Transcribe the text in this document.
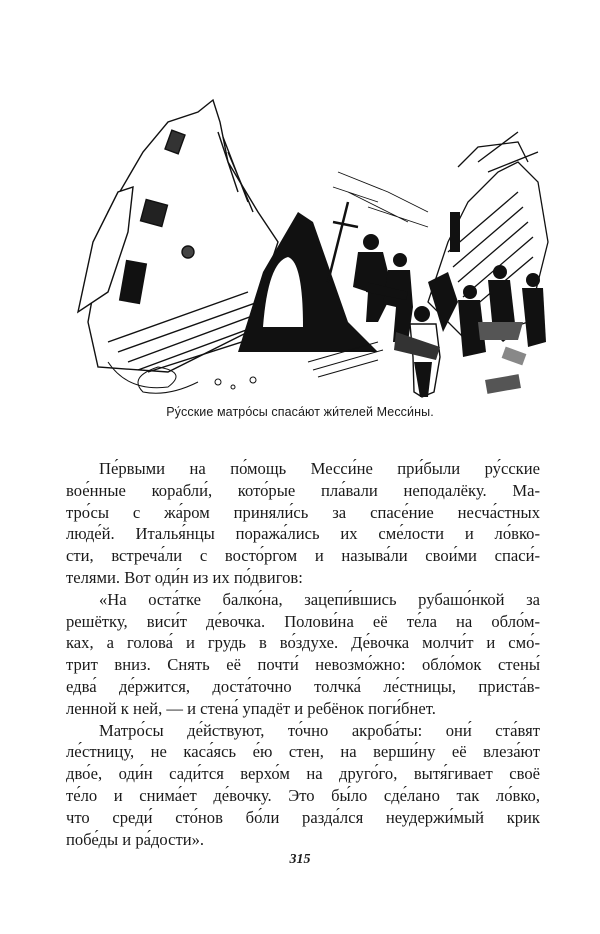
Ру́сские матро́сы спаса́ют жи́телей Месси́ны.
Пе́рвыми на по́мощь Месси́не при́были ру́сские
вое́нные корабли́, кото́рые пла́вали неподалёку. Ма-
тро́сы с жа́ром приняли́сь за спасе́ние несча́стных
люде́й. Италья́нцы поража́лись их сме́лости и ло́вко-
сти, встреча́ли с восто́ргом и называ́ли свои́ми спаси́-
телями. Вот оди́н из их по́двигов:
«На оста́тке балко́на, зацепи́вшись рубашо́нкой за
решётку, виси́т де́вочка. Полови́на её те́ла на обло́м-
ках, а голова́ и грудь в во́здухе. Де́вочка молчи́т и смо́-
трит вниз. Снять её почти́ невозмо́жно: обло́мок стены́
едва́ де́ржится, доста́точно толчка́ ле́стницы, приста́в-
ленной к ней, — и стена́ упадёт и ребёнок поги́бнет.
Матро́сы де́йствуют, то́чно акроба́ты: они́ ста́вят
ле́стницу, не каса́ясь е́ю стен, на верши́ну её влеза́ют
дво́е, оди́н сади́тся верхо́м на друго́го, вытя́гивает своё
те́ло и снима́ет де́вочку. Это бы́ло сде́лано так ло́вко,
что среди́ сто́нов бо́ли разда́лся неудержи́мый крик
побе́ды и ра́дости».
315
